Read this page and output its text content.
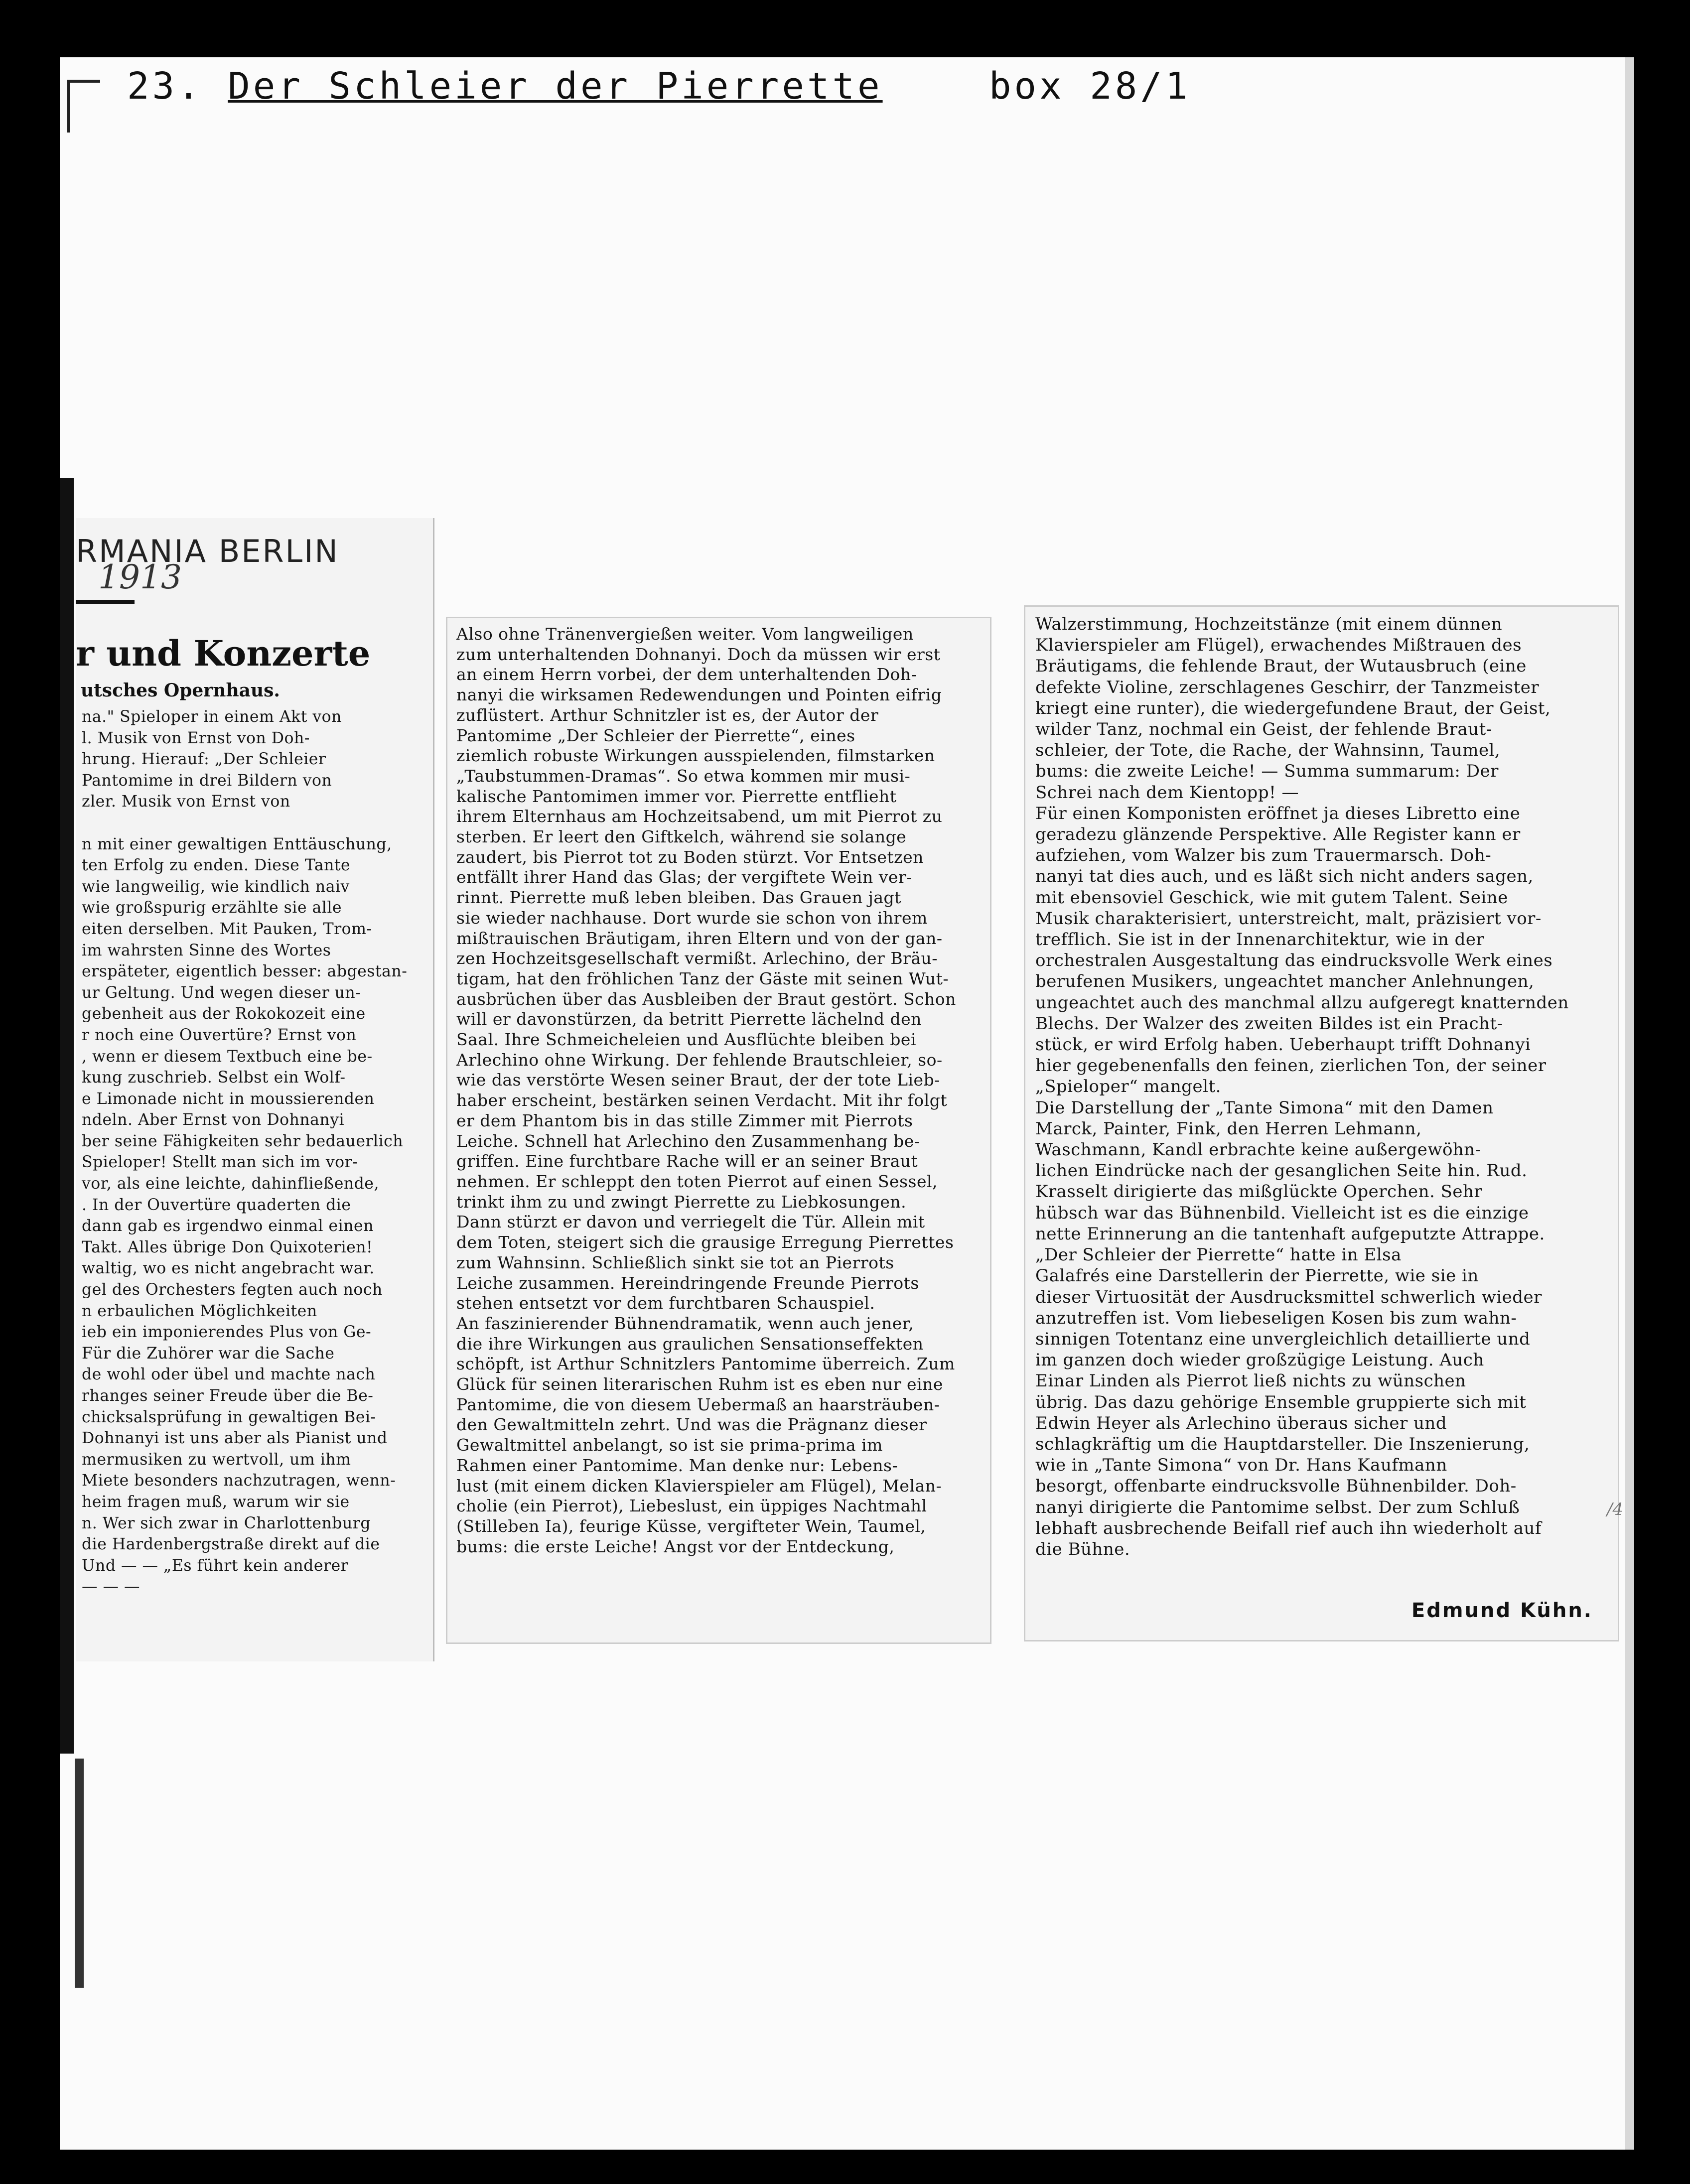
23. Der Schleier der Pierrette	box 28/1
RMANIA BERLIN
1913
r und Konzerte
utsches Opernhaus.
na." Spieloper in einem Akt von
l. Musik von Ernst von Doh-
hrung. Hierauf: „Der Schleier
Pantomime in drei Bildern von
zler. Musik von Ernst von

n mit einer gewaltigen Enttäuschung,
ten Erfolg zu enden. Diese Tante
wie langweilig, wie kindlich naiv
wie großspurig erzählte sie alle
eiten derselben. Mit Pauken, Trom-
im wahrsten Sinne des Wortes
erspäteter, eigentlich besser: abgestan-
ur Geltung. Und wegen dieser un-
gebenheit aus der Rokokozeit eine
r noch eine Ouvertüre? Ernst von
, wenn er diesem Textbuch eine be-
kung zuschrieb. Selbst ein Wolf-
e Limonade nicht in moussierenden
ndeln. Aber Ernst von Dohnanyi
ber seine Fähigkeiten sehr bedauerlich
Spieloper! Stellt man sich im vor-
vor, als eine leichte, dahinfließende,
. In der Ouvertüre quaderten die
dann gab es irgendwo einmal einen
Takt. Alles übrige Don Quixoterien!
waltig, wo es nicht angebracht war.
gel des Orchesters fegten auch noch
n erbaulichen Möglichkeiten
ieb ein imponierendes Plus von Ge-
Für die Zuhörer war die Sache
de wohl oder übel und machte nach
rhanges seiner Freude über die Be-
chicksalsprüfung in gewaltigen Bei-
Dohnanyi ist uns aber als Pianist und
mermusiken zu wertvoll, um ihm
Miete besonders nachzutragen, wenn-
heim fragen muß, warum wir sie
n. Wer sich zwar in Charlottenburg
die Hardenbergstraße direkt auf die
Und — — „Es führt kein anderer
— — —
Also ohne Tränenvergießen weiter. Vom langweiligen
zum unterhaltenden Dohnanyi. Doch da müssen wir erst
an einem Herrn vorbei, der dem unterhaltenden Doh-
nanyi die wirksamen Redewendungen und Pointen eifrig
zuflüstert. Arthur Schnitzler ist es, der Autor der
Pantomime „Der Schleier der Pierrette“, eines
ziemlich robuste Wirkungen ausspielenden, filmstarken
„Taubstummen-Dramas“. So etwa kommen mir musi-
kalische Pantomimen immer vor. Pierrette entflieht
ihrem Elternhaus am Hochzeitsabend, um mit Pierrot zu
sterben. Er leert den Giftkelch, während sie solange
zaudert, bis Pierrot tot zu Boden stürzt. Vor Entsetzen
entfällt ihrer Hand das Glas; der vergiftete Wein ver-
rinnt. Pierrette muß leben bleiben. Das Grauen jagt
sie wieder nachhause. Dort wurde sie schon von ihrem
mißtrauischen Bräutigam, ihren Eltern und von der gan-
zen Hochzeitsgesellschaft vermißt. Arlechino, der Bräu-
tigam, hat den fröhlichen Tanz der Gäste mit seinen Wut-
ausbrüchen über das Ausbleiben der Braut gestört. Schon
will er davonstürzen, da betritt Pierrette lächelnd den
Saal. Ihre Schmeicheleien und Ausflüchte bleiben bei
Arlechino ohne Wirkung. Der fehlende Brautschleier, so-
wie das verstörte Wesen seiner Braut, der der tote Lieb-
haber erscheint, bestärken seinen Verdacht. Mit ihr folgt
er dem Phantom bis in das stille Zimmer mit Pierrots
Leiche. Schnell hat Arlechino den Zusammenhang be-
griffen. Eine furchtbare Rache will er an seiner Braut
nehmen. Er schleppt den toten Pierrot auf einen Sessel,
trinkt ihm zu und zwingt Pierrette zu Liebkosungen.
Dann stürzt er davon und verriegelt die Tür. Allein mit
dem Toten, steigert sich die grausige Erregung Pierrettes
zum Wahnsinn. Schließlich sinkt sie tot an Pierrots
Leiche zusammen. Hereindringende Freunde Pierrots
stehen entsetzt vor dem furchtbaren Schauspiel.
An faszinierender Bühnendramatik, wenn auch jener,
die ihre Wirkungen aus graulichen Sensationseffekten
schöpft, ist Arthur Schnitzlers Pantomime überreich. Zum
Glück für seinen literarischen Ruhm ist es eben nur eine
Pantomime, die von diesem Uebermaß an haarsträuben-
den Gewaltmitteln zehrt. Und was die Prägnanz dieser
Gewaltmittel anbelangt, so ist sie prima-prima im
Rahmen einer Pantomime. Man denke nur: Lebens-
lust (mit einem dicken Klavierspieler am Flügel), Melan-
cholie (ein Pierrot), Liebeslust, ein üppiges Nachtmahl
(Stilleben Ia), feurige Küsse, vergifteter Wein, Taumel,
bums: die erste Leiche! Angst vor der Entdeckung,
Walzerstimmung, Hochzeitstänze (mit einem dünnen
Klavierspieler am Flügel), erwachendes Mißtrauen des
Bräutigams, die fehlende Braut, der Wutausbruch (eine
defekte Violine, zerschlagenes Geschirr, der Tanzmeister
kriegt eine runter), die wiedergefundene Braut, der Geist,
wilder Tanz, nochmal ein Geist, der fehlende Braut-
schleier, der Tote, die Rache, der Wahnsinn, Taumel,
bums: die zweite Leiche! — Summa summarum: Der
Schrei nach dem Kientopp! —
Für einen Komponisten eröffnet ja dieses Libretto eine
geradezu glänzende Perspektive. Alle Register kann er
aufziehen, vom Walzer bis zum Trauermarsch. Doh-
nanyi tat dies auch, und es läßt sich nicht anders sagen,
mit ebensoviel Geschick, wie mit gutem Talent. Seine
Musik charakterisiert, unterstreicht, malt, präzisiert vor-
trefflich. Sie ist in der Innenarchitektur, wie in der
orchestralen Ausgestaltung das eindrucksvolle Werk eines
berufenen Musikers, ungeachtet mancher Anlehnungen,
ungeachtet auch des manchmal allzu aufgeregt knatternden
Blechs. Der Walzer des zweiten Bildes ist ein Pracht-
stück, er wird Erfolg haben. Ueberhaupt trifft Dohnanyi
hier gegebenenfalls den feinen, zierlichen Ton, der seiner
„Spieloper“ mangelt.
Die Darstellung der „Tante Simona“ mit den Damen
Marck, Painter, Fink, den Herren Lehmann,
Waschmann, Kandl erbrachte keine außergewöhn-
lichen Eindrücke nach der gesanglichen Seite hin. Rud.
Krasselt dirigierte das mißglückte Operchen. Sehr
hübsch war das Bühnenbild. Vielleicht ist es die einzige
nette Erinnerung an die tantenhaft aufgeputzte Attrappe.
„Der Schleier der Pierrette“ hatte in Elsa
Galafrés eine Darstellerin der Pierrette, wie sie in
dieser Virtuosität der Ausdrucksmittel schwerlich wieder
anzutreffen ist. Vom liebeseligen Kosen bis zum wahn-
sinnigen Totentanz eine unvergleichlich detaillierte und
im ganzen doch wieder großzügige Leistung. Auch
Einar Linden als Pierrot ließ nichts zu wünschen
übrig. Das dazu gehörige Ensemble gruppierte sich mit
Edwin Heyer als Arlechino überaus sicher und
schlagkräftig um die Hauptdarsteller. Die Inszenierung,
wie in „Tante Simona“ von Dr. Hans Kaufmann
besorgt, offenbarte eindrucksvolle Bühnenbilder. Doh-
nanyi dirigierte die Pantomime selbst. Der zum Schluß
lebhaft ausbrechende Beifall rief auch ihn wiederholt auf
die Bühne.
Edmund Kühn.
/4
